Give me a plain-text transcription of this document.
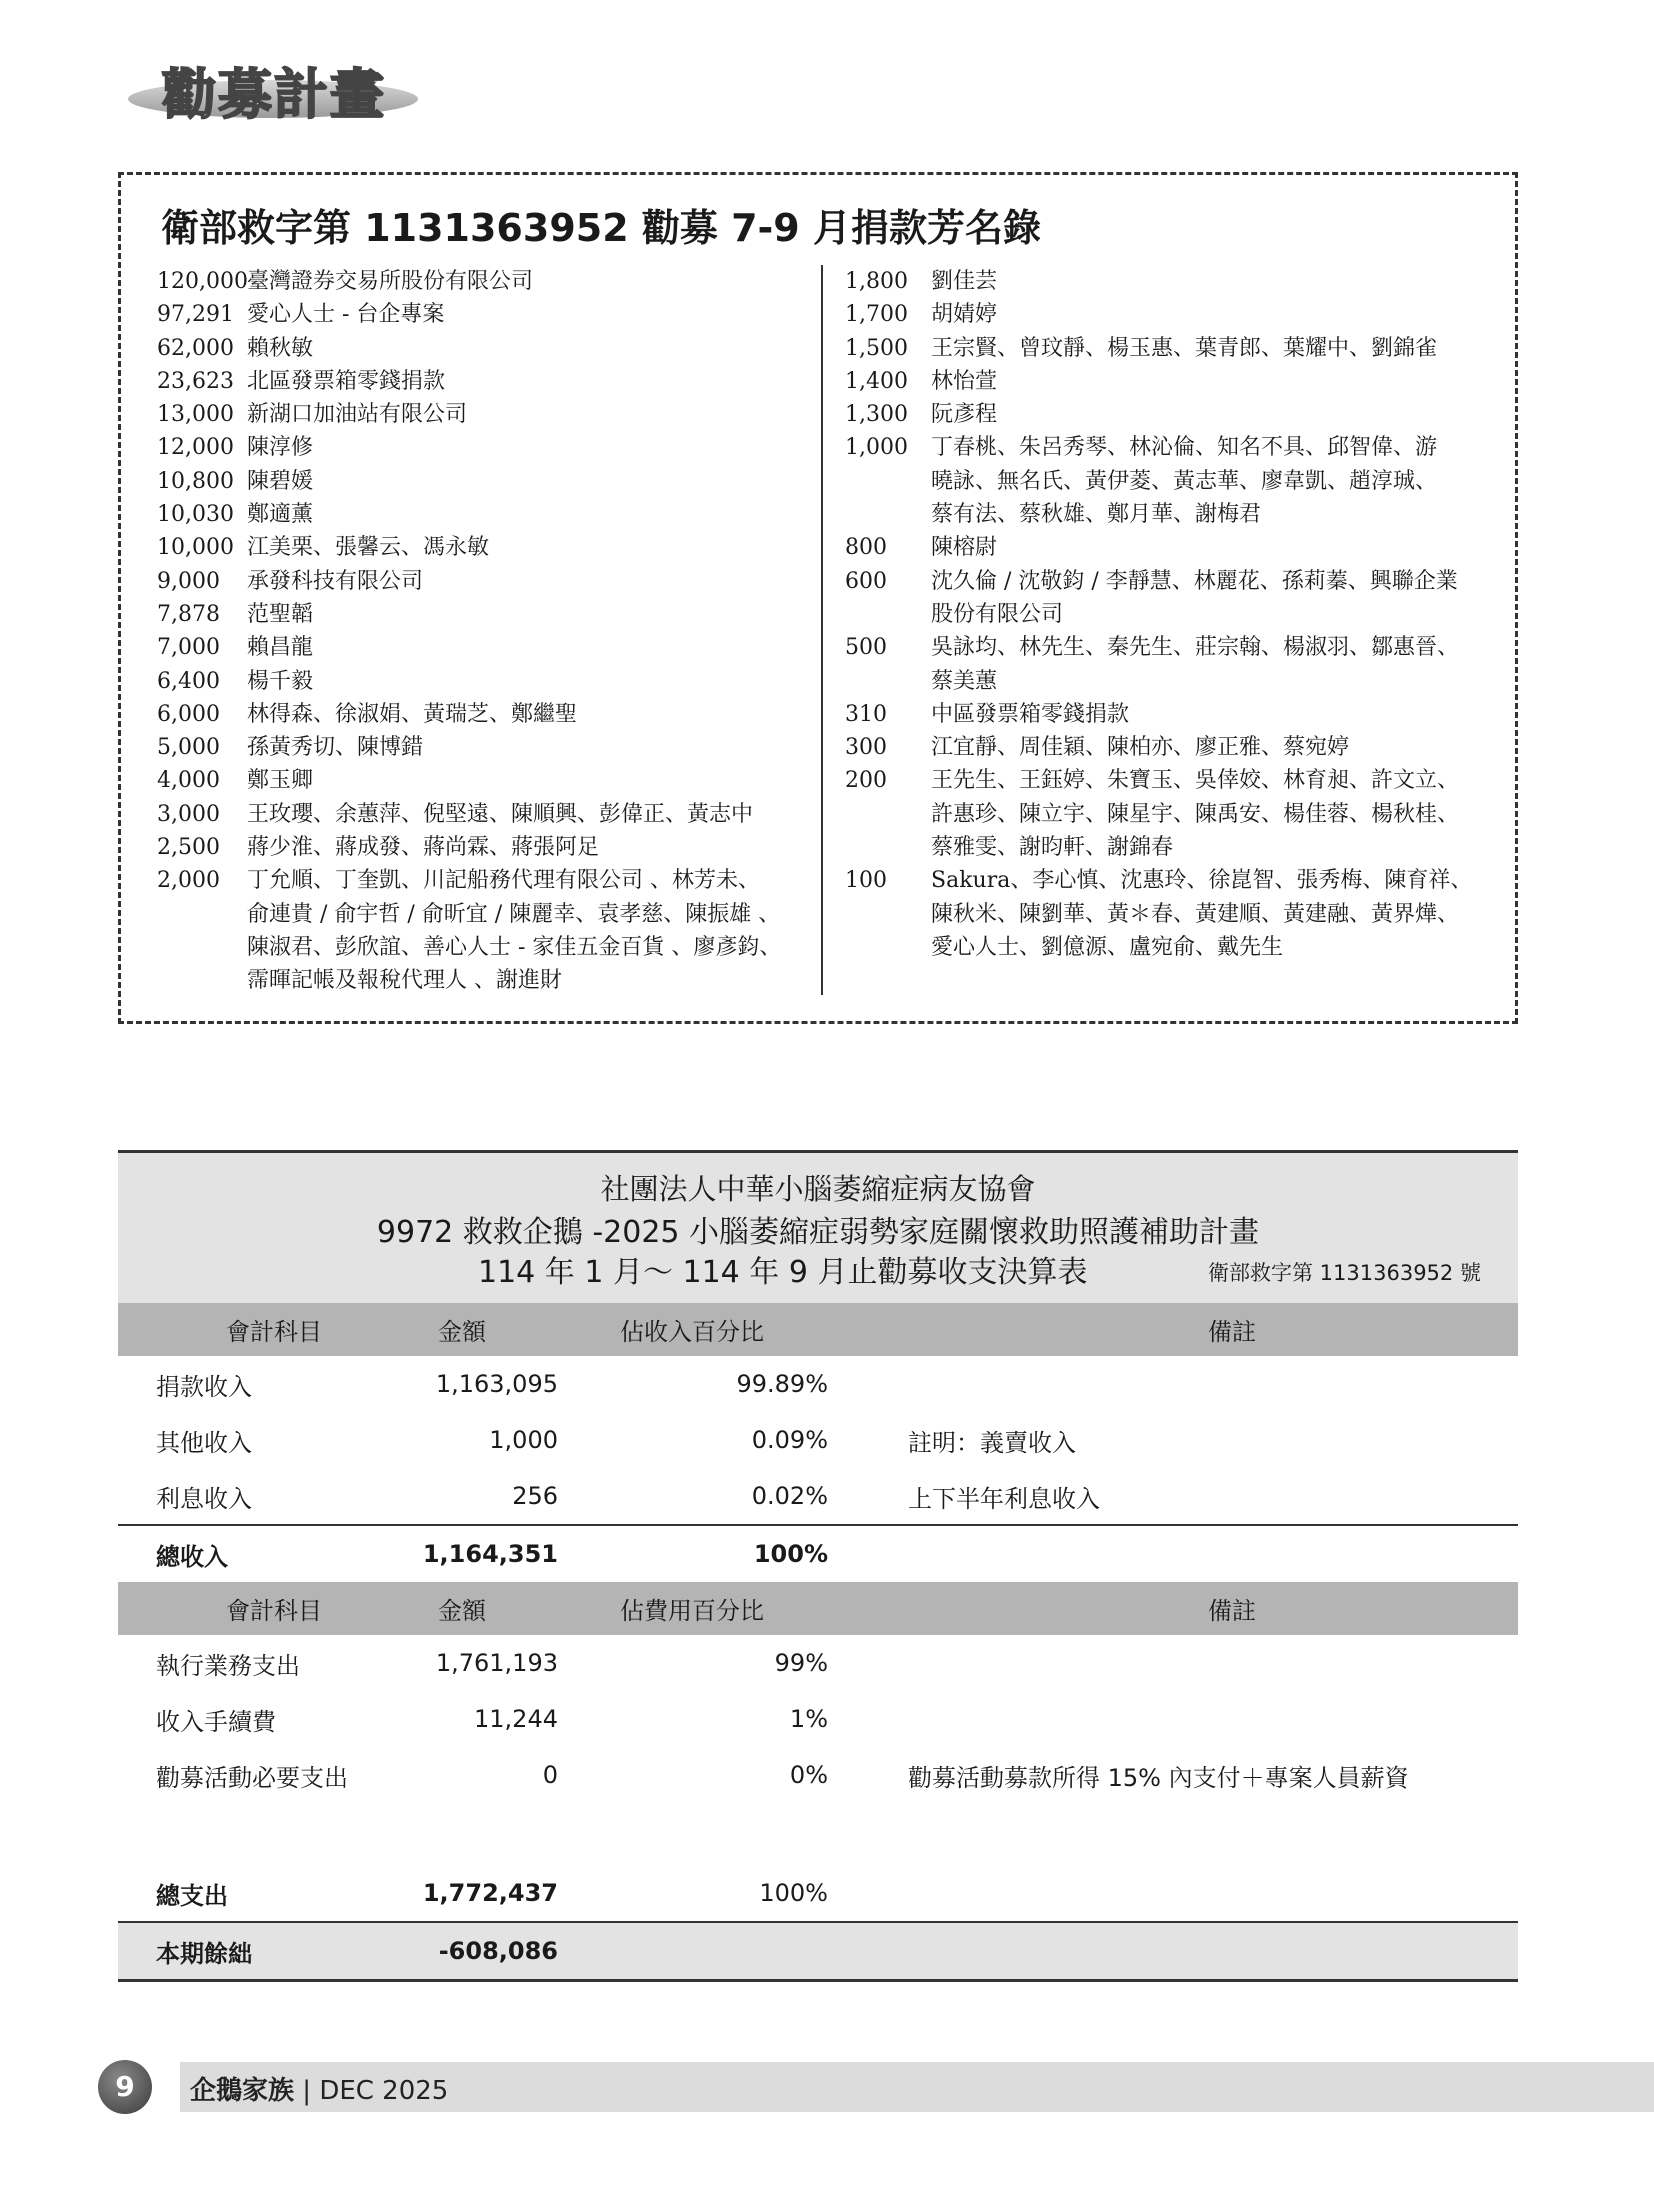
勸募計畫
衛部救字第 1131363952 勸募 7-9 月捐款芳名錄
120,000 臺灣證券交易所股份有限公司
97,291 愛心人士 - 台企專案
62,000 賴秋敏
23,623 北區發票箱零錢捐款
13,000 新湖口加油站有限公司
12,000 陳淳修
10,800 陳碧媛
10,030 鄭適薰
10,000 江美栗、張馨云、馮永敏
9,000	承發科技有限公司
7,878	范聖韜
7,000	賴昌龍
6,400	楊千毅
6,000	林得森、徐淑娟、黃瑞芝、鄭繼聖
5,000	孫黃秀切、陳博錯
4,000	鄭玉卿
3,000	王玫瓔、余蕙萍、倪堅遠、陳順興、彭偉正、黃志中
2,500	蔣少淮、蔣成發、蔣尚霖、蔣張阿足
2,000	丁允順、丁奎凱、川記船務代理有限公司 、林芳未、
俞連貴 / 俞宇哲 / 俞昕宜 / 陳麗幸、袁孝慈、陳振雄 、
陳淑君、彭欣誼、善心人士 - 家佳五金百貨 、廖彥鈞、
霈暉記帳及報稅代理人 、謝進財
1,800	劉佳芸
1,700	胡婧婷
1,500	王宗賢、曾玟靜、楊玉惠、葉青郎、葉耀中、劉錦雀
1,400	林怡萱
1,300	阮彥程
1,000	丁春桃、朱呂秀琴、林沁倫、知名不具、邱智偉、游
曉詠、無名氏、黃伊菱、黃志華、廖韋凱、趙淳珹、
蔡有法、蔡秋雄、鄭月華、謝梅君
800	陳榕尉
600	沈久倫 / 沈敬鈞 / 李靜慧、林麗花、孫莉蓁、興聯企業
股份有限公司
500	吳詠均、林先生、秦先生、莊宗翰、楊淑羽、鄒惠晉、
蔡美蕙
310	中區發票箱零錢捐款
300	江宜靜、周佳穎、陳柏亦、廖正雅、蔡宛婷
200	王先生、王鈺婷、朱寶玉、吳倖姣、林育昶、許文立、
許惠珍、陳立宇、陳星宇、陳禹安、楊佳蓉、楊秋桂、
蔡雅雯、謝昀軒、謝錦春
100	Sakura、李心慎、沈惠玲、徐崑智、張秀梅、陳育祥、
陳秋米、陳劉華、黃＊春、黃建順、黃建融、黃界燁、
愛心人士、劉億源、盧宛俞、戴先生
社團法人中華小腦萎縮症病友協會
9972 救救企鵝 -2025 小腦萎縮症弱勢家庭關懷救助照護補助計畫
114 年 1 月～ 114 年 9 月止勸募收支決算表	衛部救字第 1131363952 號
會計科目	金額	佔收入百分比	備註
捐款收入	1,163,095	99.89%
其他收入	1,000	0.09%	註明：義賣收入
利息收入	256	0.02%	上下半年利息收入
總收入	1,164,351	100%
會計科目	金額	佔費用百分比	備註
執行業務支出	1,761,193	99%
收入手續費	11,244	1%
勸募活動必要支出	0	0%	勸募活動募款所得 15% 內支付＋專案人員薪資
總支出	1,772,437	100%
本期餘絀	-608,086
9	企鵝家族 | DEC 2025
